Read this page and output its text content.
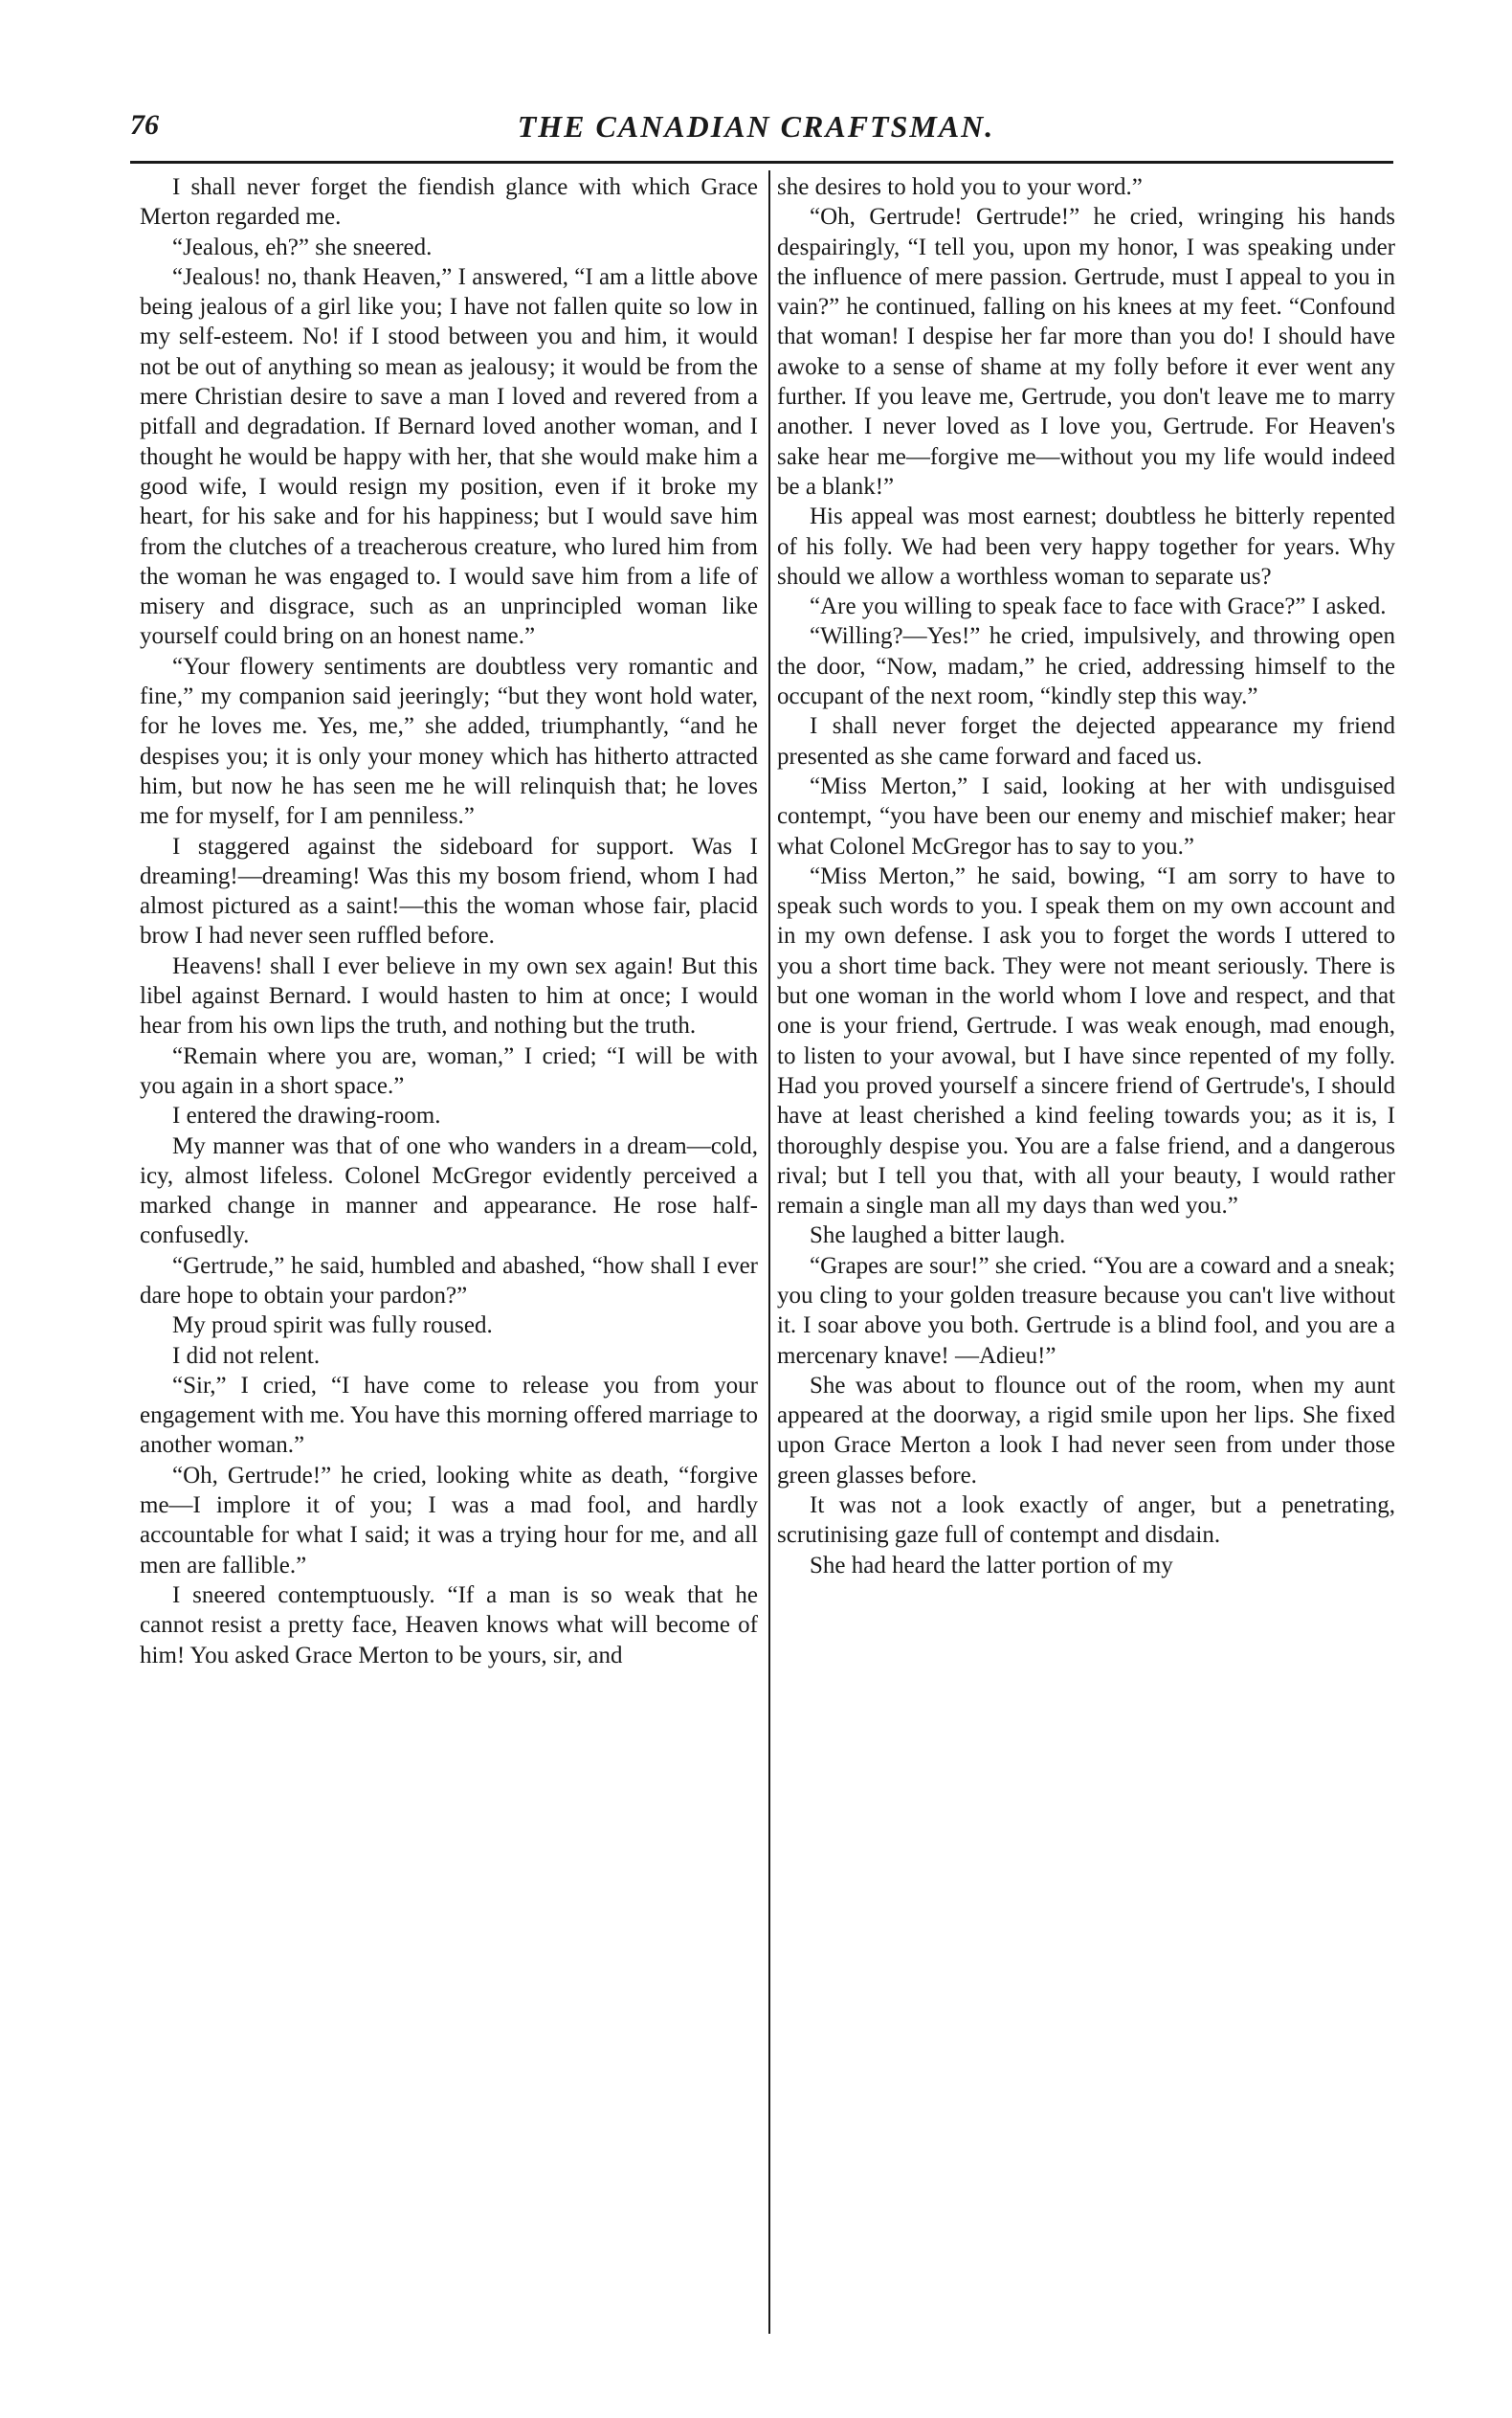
76	THE CANADIAN CRAFTSMAN.

I shall never forget the fiendish glance with which Grace Merton regarded me.

“Jealous, eh?” she sneered.

“Jealous! no, thank Heaven,” I answered, “I am a little above being jealous of a girl like you; I have not fallen quite so low in my self-esteem. No! if I stood between you and him, it would not be out of anything so mean as jealousy; it would be from the mere Christian desire to save a man I loved and revered from a pitfall and degradation. If Bernard loved another woman, and I thought he would be happy with her, that she would make him a good wife, I would resign my position, even if it broke my heart, for his sake and for his happiness; but I would save him from the clutches of a treacherous creature, who lured him from the woman he was engaged to. I would save him from a life of misery and disgrace, such as an unprincipled woman like yourself could bring on an honest name.”

“Your flowery sentiments are doubtless very romantic and fine,” my companion said jeeringly; “but they wont hold water, for he loves me. Yes, me,” she added, triumphantly, “and he despises you; it is only your money which has hitherto attracted him, but now he has seen me he will relinquish that; he loves me for myself, for I am penniless.”

I staggered against the sideboard for support. Was I dreaming!—dreaming! Was this my bosom friend, whom I had almost pictured as a saint!—this the woman whose fair, placid brow I had never seen ruffled before.

Heavens! shall I ever believe in my own sex again! But this libel against Bernard. I would hasten to him at once; I would hear from his own lips the truth, and nothing but the truth.

“Remain where you are, woman,” I cried; “I will be with you again in a short space.”

I entered the drawing-room.

My manner was that of one who wanders in a dream—cold, icy, almost lifeless. Colonel McGregor evidently perceived a marked change in manner and appearance. He rose half-confusedly.

“Gertrude,” he said, humbled and abashed, “how shall I ever dare hope to obtain your pardon?”

My proud spirit was fully roused.

I did not relent.

“Sir,” I cried, “I have come to release you from your engagement with me. You have this morning offered marriage to another woman.”

“Oh, Gertrude!” he cried, looking white as death, “forgive me—I implore it of you; I was a mad fool, and hardly accountable for what I said; it was a trying hour for me, and all men are fallible.”

I sneered contemptuously. “If a man is so weak that he cannot resist a pretty face, Heaven knows what will become of him! You asked Grace Merton to be yours, sir, and

she desires to hold you to your word.”

“Oh, Gertrude! Gertrude!” he cried, wringing his hands despairingly, “I tell you, upon my honor, I was speaking under the influence of mere passion. Gertrude, must I appeal to you in vain?” he continued, falling on his knees at my feet. “Confound that woman! I despise her far more than you do! I should have awoke to a sense of shame at my folly before it ever went any further. If you leave me, Gertrude, you don't leave me to marry another. I never loved as I love you, Gertrude. For Heaven's sake hear me—forgive me—without you my life would indeed be a blank!”

His appeal was most earnest; doubtless he bitterly repented of his folly. We had been very happy together for years. Why should we allow a worthless woman to separate us?

“Are you willing to speak face to face with Grace?” I asked.

“Willing?—Yes!” he cried, impulsively, and throwing open the door, “Now, madam,” he cried, addressing himself to the occupant of the next room, “kindly step this way.”

I shall never forget the dejected appearance my friend presented as she came forward and faced us.

“Miss Merton,” I said, looking at her with undisguised contempt, “you have been our enemy and mischief maker; hear what Colonel McGregor has to say to you.”

“Miss Merton,” he said, bowing, “I am sorry to have to speak such words to you. I speak them on my own account and in my own defense. I ask you to forget the words I uttered to you a short time back. They were not meant seriously. There is but one woman in the world whom I love and respect, and that one is your friend, Gertrude. I was weak enough, mad enough, to listen to your avowal, but I have since repented of my folly. Had you proved yourself a sincere friend of Gertrude's, I should have at least cherished a kind feeling towards you; as it is, I thoroughly despise you. You are a false friend, and a dangerous rival; but I tell you that, with all your beauty, I would rather remain a single man all my days than wed you.”

She laughed a bitter laugh.

“Grapes are sour!” she cried. “You are a coward and a sneak; you cling to your golden treasure because you can't live without it. I soar above you both. Gertrude is a blind fool, and you are a mercenary knave! —Adieu!”

She was about to flounce out of the room, when my aunt appeared at the doorway, a rigid smile upon her lips. She fixed upon Grace Merton a look I had never seen from under those green glasses before.

It was not a look exactly of anger, but a penetrating, scrutinising gaze full of contempt and disdain.

She had heard the latter portion of my
